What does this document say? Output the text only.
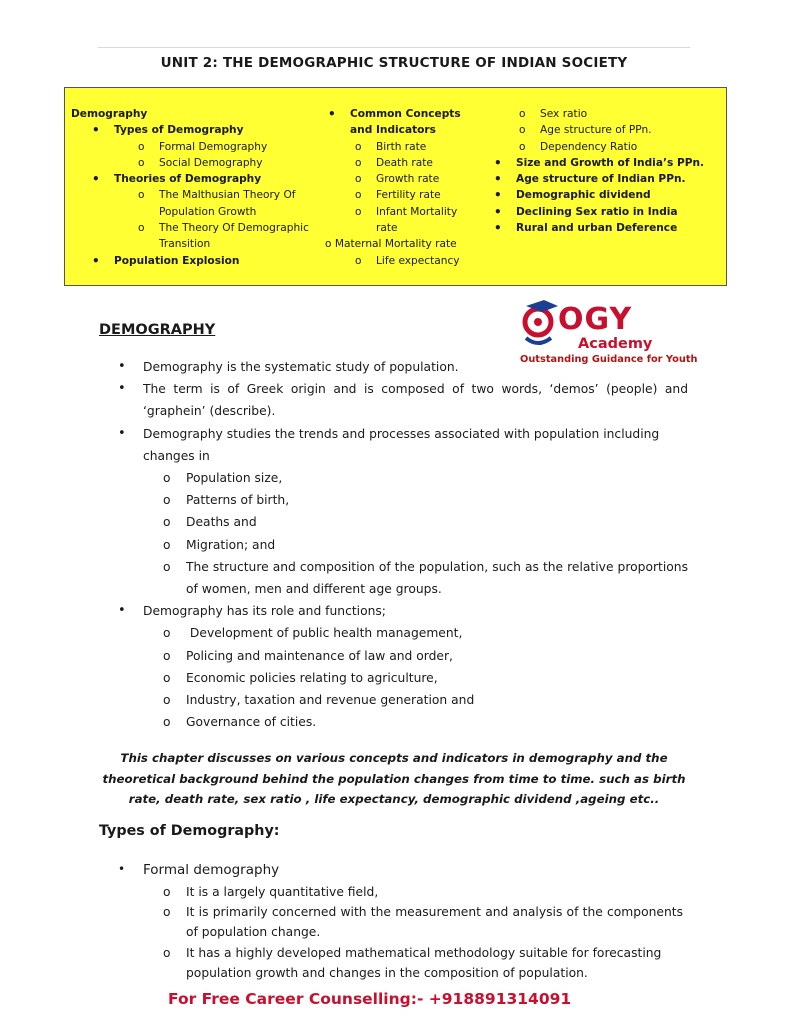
UNIT 2: THE DEMOGRAPHIC STRUCTURE OF INDIAN SOCIETY
Demography
• Types of Demography
o Formal Demography
o Social Demography
• Theories of Demography
o The Malthusian Theory Of Population Growth
o The Theory Of Demographic Transition
• Population Explosion
• Common Concepts and Indicators
o Birth rate
o Death rate
o Growth rate
o Fertility rate
o Infant Mortality rate
o Maternal Mortality rate
o Life expectancy
o Sex ratio
o Age structure of PPn.
o Dependency Ratio
• Size and Growth of India’s PPn.
• Age structure of Indian PPn.
• Demographic dividend
• Declining Sex ratio in India
• Rural and urban Deference
OGY
Academy
Outstanding Guidance for Youth
DEMOGRAPHY
• Demography is the systematic study of population.
• The term is of Greek origin and is composed of two words, ‘demos’ (people) and ‘graphein’ (describe).
• Demography studies the trends and processes associated with population including changes in
o Population size,
o Patterns of birth,
o Deaths and
o Migration; and
o The structure and composition of the population, such as the relative proportions of women, men and different age groups.
• Demography has its role and functions;
o  Development of public health management,
o Policing and maintenance of law and order,
o Economic policies relating to agriculture,
o Industry, taxation and revenue generation and
o Governance of cities.
This chapter discusses on various concepts and indicators in demography and the theoretical background behind the population changes from time to time. such as birth rate, death rate, sex ratio , life expectancy, demographic dividend ,ageing etc..
Types of Demography:
• Formal demography
o It is a largely quantitative field,
o It is primarily concerned with the measurement and analysis of the components of population change.
o It has a highly developed mathematical methodology suitable for forecasting population growth and changes in the composition of population.
For Free Career Counselling:- +918891314091
